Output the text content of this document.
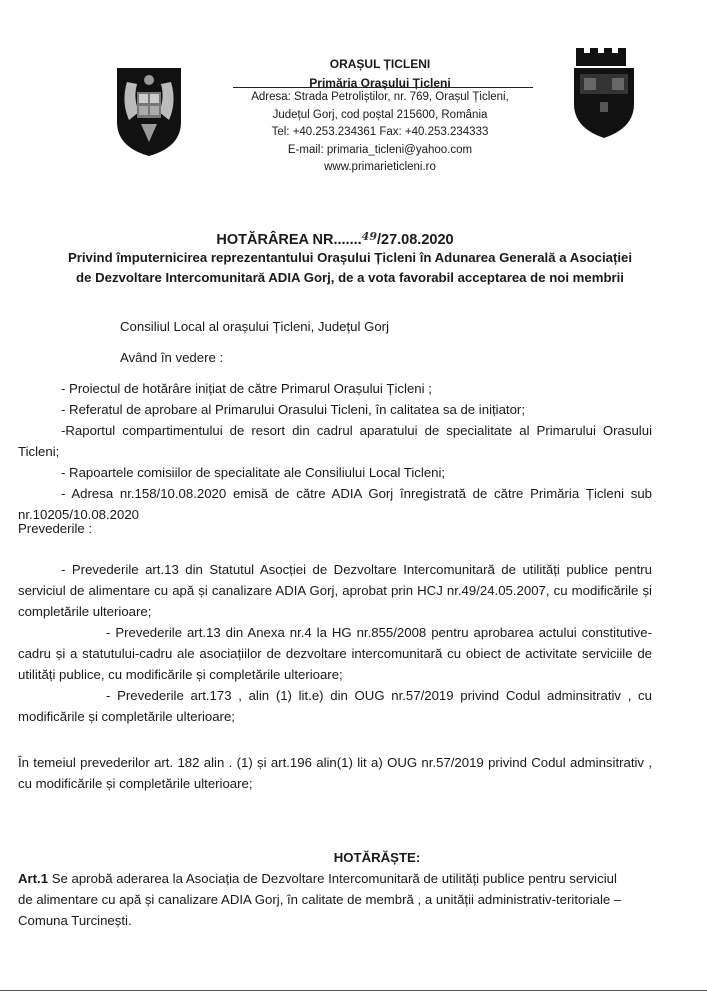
ORAȘUL ȚICLENI
Primăria Orașului Țicleni
Adresa: Strada Petroliștilor, nr. 769, Orașul Țicleni,
Județul Gorj, cod poștal 215600, România
Tel: +40.253.234361 Fax: +40.253.234333
E-mail: primaria_ticleni@yahoo.com
www.primarieticleni.ro
HOTĂRÂREA NR.......$^{49}$/27.08.2020
Privind împuternicirea reprezentantului Orașului Țicleni în Adunarea Generală a Asociației
de Dezvoltare Intercomunitară ADIA Gorj, de a vota favorabil acceptarea de noi membrii
Consiliul Local al orașului Țicleni, Județul Gorj
Având în vedere :
- Proiectul de hotărâre inițiat de către Primarul Orașului Țicleni ;
- Referatul de aprobare al Primarului Orasului Ticleni, în calitatea sa de inițiator;
-Raportul compartimentului de resort din cadrul aparatului de specialitate al Primarului Orasului Ticleni;
- Rapoartele comisiilor de specialitate ale Consiliului Local Ticleni;
- Adresa nr.158/10.08.2020 emisă de către ADIA Gorj înregistrată de către Primăria Țicleni sub nr.10205/10.08.2020
Prevederile :
- Prevederile art.13 din Statutul Asocției de Dezvoltare Intercomunitară de utilități publice pentru serviciul de alimentare cu apă și canalizare ADIA Gorj, aprobat prin HCJ nr.49/24.05.2007, cu modificările și completările ulterioare;
- Prevederile art.13 din Anexa nr.4 la HG nr.855/2008 pentru aprobarea actului constitutive-cadru și a statutului-cadru ale asociațiilor de dezvoltare intercomunitară cu obiect de activitate serviciile de utilități publice, cu modificările și completările ulterioare;
- Prevederile art.173 , alin (1) lit.e) din OUG nr.57/2019 privind Codul adminsitrativ , cu modificările și completările ulterioare;
În temeiul prevederilor art. 182 alin . (1) și art.196 alin(1) lit a) OUG nr.57/2019 privind Codul adminsitrativ , cu modificările și completările ulterioare;
HOTĂRĂȘTE:
Art.1 Se aprobă aderarea la Asociația de Dezvoltare Intercomunitară de utilități publice pentru serviciul de alimentare cu apă și canalizare ADIA Gorj, în calitate de membră , a unității administrativ-teritoriale –Comuna Turcinești.
